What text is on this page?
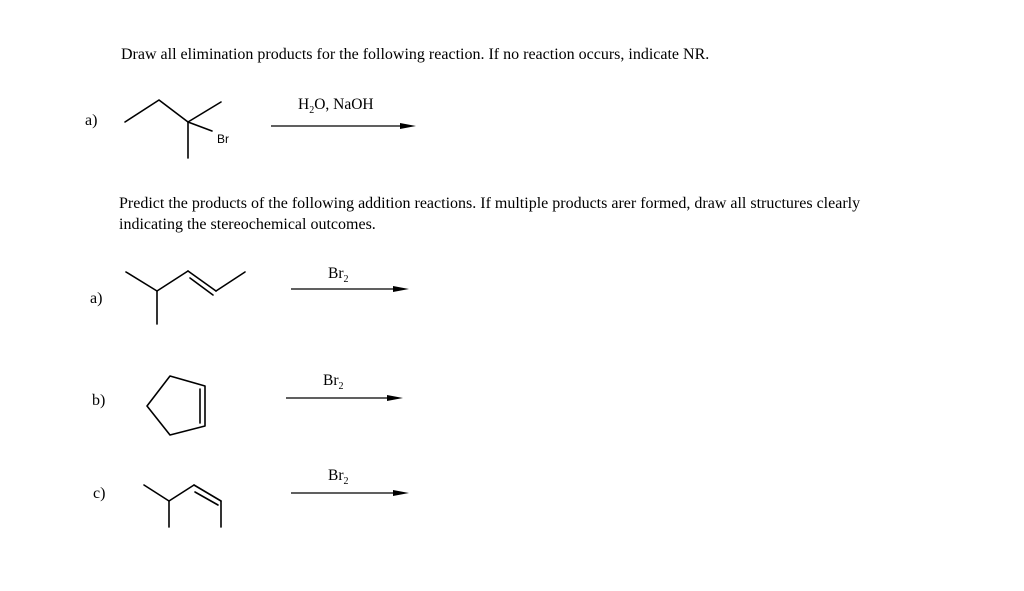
Draw all elimination products for the following reaction. If no reaction occurs, indicate NR.
a)
Br
$H_2O$, NaOH
Predict the products of the following addition reactions. If multiple products arer formed, draw all structures clearly indicating the stereochemical outcomes.
a)
$Br_2$
b)
$Br_2$
c)
$Br_2$
